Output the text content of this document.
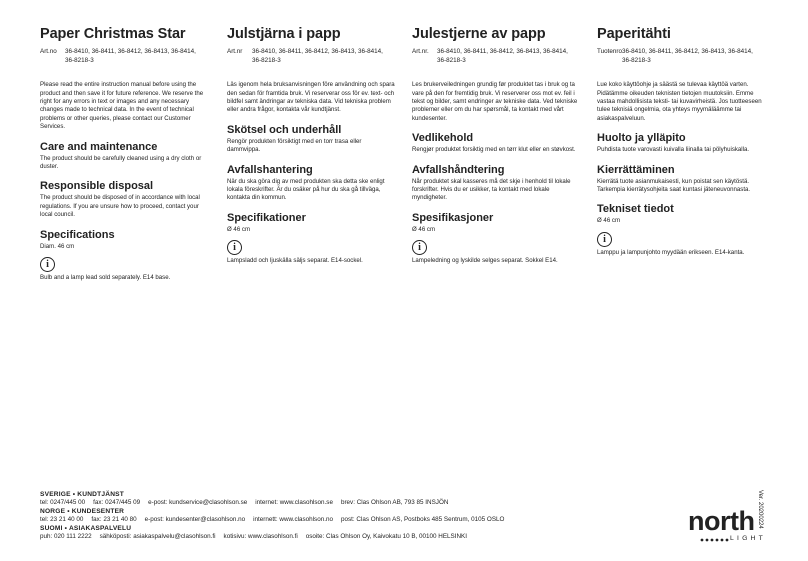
Paper Christmas Star
Art.no	36-8410, 36-8411, 36-8412, 36-8413, 36-8414, 36-8218-3
Please read the entire instruction manual before using the product and then save it for future reference. We reserve the right for any errors in text or images and any necessary changes made to technical data. In the event of technical problems or other queries, please contact our Customer Services.
Care and maintenance
The product should be carefully cleaned using a dry cloth or duster.
Responsible disposal
The product should be disposed of in accordance with local regulations. If you are unsure how to proceed, contact your local council.
Specifications
Diam. 46 cm
i
Bulb and a lamp lead sold separately. E14 base.
Julstjärna i papp
Art.nr	36-8410, 36-8411, 36-8412, 36-8413, 36-8414, 36-8218-3
Läs igenom hela bruksanvisningen före användning och spara den sedan för framtida bruk. Vi reserverar oss för ev. text- och bildfel samt ändringar av tekniska data. Vid tekniska problem eller andra frågor, kontakta vår kundtjänst.
Skötsel och underhåll
Rengör produkten försiktigt med en torr trasa eller dammvippa.
Avfallshantering
När du ska göra dig av med produkten ska detta ske enligt lokala föreskrifter. Är du osäker på hur du ska gå tillväga, kontakta din kommun.
Specifikationer
Ø 46 cm
i
Lampsladd och ljuskälla säljs separat. E14-sockel.
Julestjerne av papp
Art.nr.	36-8410, 36-8411, 36-8412, 36-8413, 36-8414, 36-8218-3
Les brukerveiledningen grundig før produktet tas i bruk og ta vare på den for fremtidig bruk. Vi reserverer oss mot ev. feil i tekst og bilder, samt endringer av tekniske data. Ved tekniske problemer eller om du har spørsmål, ta kontakt med vårt kundesenter.
Vedlikehold
Rengjør produktet forsiktig med en tørr klut eller en støvkost.
Avfallshåndtering
Når produktet skal kasseres må det skje i henhold til lokale forskrifter. Hvis du er usikker, ta kontakt med lokale myndigheter.
Spesifikasjoner
Ø 46 cm
i
Lampeledning og lyskilde selges separat. Sokkel E14.
Paperitähti
Tuotenro 36-8410, 36-8411, 36-8412, 36-8413, 36-8414, 36-8218-3
Lue koko käyttöohje ja säästä se tulevaa käyttöä varten. Pidätämme oikeuden teknisten tietojen muutoksiin. Emme vastaa mahdollisista teksti- tai kuvavirheistä. Jos tuotteeseen tulee teknisiä ongelmia, ota yhteys myymäläämme tai asiakaspalveluun.
Huolto ja ylläpito
Puhdista tuote varovasti kuivalla liinalla tai pölyhuiskalla.
Kierrättäminen
Kierrätä tuote asianmukaisesti, kun poistat sen käytöstä. Tarkempia kierrätysohjeita saat kuntasi jäteneuvonnasta.
Tekniset tiedot
Ø 46 cm
i
Lamppu ja lampunjohto myydään erikseen. E14-kanta.
SVERIGE • KUNDTJÄNST
tel: 0247/445 00 fax: 0247/445 09 e-post: kundservice@clasohlson.se internet: www.clasohlson.se brev: Clas Ohlson AB, 793 85 INSJÖN
NORGE • KUNDESENTER
tel: 23 21 40 00 fax: 23 21 40 80 e-post: kundesenter@clasohlson.no internett: www.clasohlson.no post: Clas Ohlson AS, Postboks 485 Sentrum, 0105 OSLO
SUOMI • ASIAKASPALVELU
puh: 020 111 2222 sähköposti: asiakaspalvelu@clasohlson.fi kotisivu: www.clasohlson.fi osoite: Clas Ohlson Oy, Kaivokatu 10 B, 00100 HELSINKI
Ver. 20200224
north
LIGHT
